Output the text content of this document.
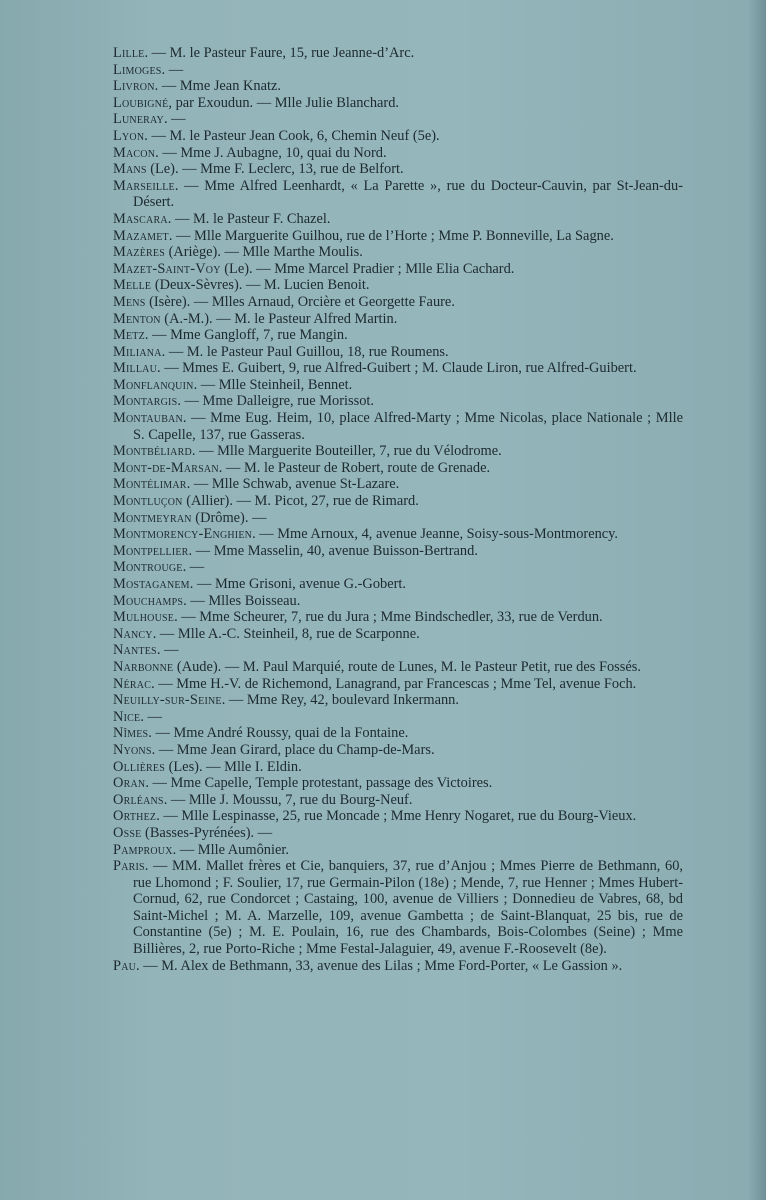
Lille. — M. le Pasteur Faure, 15, rue Jeanne-d’Arc.
Limoges. —
Livron. — Mme Jean Knatz.
Loubigné, par Exoudun. — Mlle Julie Blanchard.
Luneray. —
Lyon. — M. le Pasteur Jean Cook, 6, Chemin Neuf (5e).
Macon. — Mme J. Aubagne, 10, quai du Nord.
Mans (Le). — Mme F. Leclerc, 13, rue de Belfort.
Marseille. — Mme Alfred Leenhardt, « La Parette », rue du Docteur-Cauvin, par St-Jean-du-Désert.
Mascara. — M. le Pasteur F. Chazel.
Mazamet. — Mlle Marguerite Guilhou, rue de l’Horte ; Mme P. Bonneville, La Sagne.
Mazères (Ariège). — Mlle Marthe Moulis.
Mazet-Saint-Voy (Le). — Mme Marcel Pradier ; Mlle Elia Cachard.
Melle (Deux-Sèvres). — M. Lucien Benoit.
Mens (Isère). — Mlles Arnaud, Orcière et Georgette Faure.
Menton (A.-M.). — M. le Pasteur Alfred Martin.
Metz. — Mme Gangloff, 7, rue Mangin.
Miliana. — M. le Pasteur Paul Guillou, 18, rue Roumens.
Millau. — Mmes E. Guibert, 9, rue Alfred-Guibert ; M. Claude Liron, rue Alfred-Guibert.
Monflanquin. — Mlle Steinheil, Bennet.
Montargis. — Mme Dalleigre, rue Morissot.
Montauban. — Mme Eug. Heim, 10, place Alfred-Marty ; Mme Nicolas, place Nationale ; Mlle S. Capelle, 137, rue Gasseras.
Montbéliard. — Mlle Marguerite Bouteiller, 7, rue du Vélodrome.
Mont-de-Marsan. — M. le Pasteur de Robert, route de Grenade.
Montélimar. — Mlle Schwab, avenue St-Lazare.
Montluçon (Allier). — M. Picot, 27, rue de Rimard.
Montmeyran (Drôme). —
Montmorency-Enghien. — Mme Arnoux, 4, avenue Jeanne, Soisy-sous-Montmorency.
Montpellier. — Mme Masselin, 40, avenue Buisson-Bertrand.
Montrouge. —
Mostaganem. — Mme Grisoni, avenue G.-Gobert.
Mouchamps. — Mlles Boisseau.
Mulhouse. — Mme Scheurer, 7, rue du Jura ; Mme Bindschedler, 33, rue de Verdun.
Nancy. — Mlle A.-C. Steinheil, 8, rue de Scarponne.
Nantes. —
Narbonne (Aude). — M. Paul Marquié, route de Lunes, M. le Pasteur Petit, rue des Fossés.
Nérac. — Mme H.-V. de Richemond, Lanagrand, par Francescas ; Mme Tel, avenue Foch.
Neuilly-sur-Seine. — Mme Rey, 42, boulevard Inkermann.
Nice. —
Nîmes. — Mme André Roussy, quai de la Fontaine.
Nyons. — Mme Jean Girard, place du Champ-de-Mars.
Ollières (Les). — Mlle I. Eldin.
Oran. — Mme Capelle, Temple protestant, passage des Victoires.
Orléans. — Mlle J. Moussu, 7, rue du Bourg-Neuf.
Orthez. — Mlle Lespinasse, 25, rue Moncade ; Mme Henry Nogaret, rue du Bourg-Vieux.
Osse (Basses-Pyrénées). —
Pamproux. — Mlle Aumônier.
Paris. — MM. Mallet frères et Cie, banquiers, 37, rue d’Anjou ; Mmes Pierre de Bethmann, 60, rue Lhomond ; F. Soulier, 17, rue Germain-Pilon (18e) ; Mende, 7, rue Henner ; Mmes Hubert-Cornud, 62, rue Condorcet ; Castaing, 100, avenue de Villiers ; Donnedieu de Vabres, 68, bd Saint-Michel ; M. A. Marzelle, 109, avenue Gambetta ; de Saint-Blanquat, 25 bis, rue de Constantine (5e) ; M. E. Poulain, 16, rue des Chambards, Bois-Colombes (Seine) ; Mme Billières, 2, rue Porto-Riche ; Mme Festal-Jalaguier, 49, avenue F.-Roosevelt (8e).
Pau. — M. Alex de Bethmann, 33, avenue des Lilas ; Mme Ford-Porter, « Le Gassion ».
